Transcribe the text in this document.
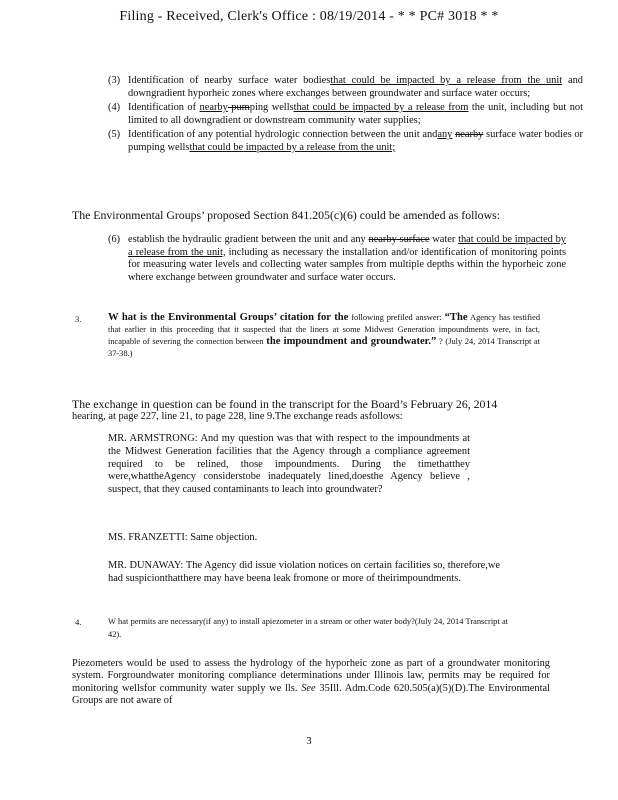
Filing - Received, Clerk's Office : 08/19/2014 - * * PC# 3018 * *
(3) Identification of nearby surface water bodiesthat could be impacted by a release from the unit and downgradient hyporheic zones where exchanges between groundwater and surface water occurs;
(4) Identification of nearby pumping wellsthat could be impacted by a release from the unit, including but not limited to all downgradient or downstream community water supplies;
(5) Identification of any potential hydrologic connection between the unit andany nearby surface water bodies or pumping wellsthat could be impacted by a release from the unit;
The Environmental Groups’ proposed Section 841.205(c)(6) could be amended as follows:
(6) establish the hydraulic gradient between the unit and any nearby surface water that could be impacted by a release from the unit, including as necessary the installation and/or identification of monitoring points for measuring water levels and collecting water samples from multiple depths within the hyporheic zone where exchange between groundwater and surface water occurs.
3.	W hat is the Environmental Groups’ citation for the following prefiled answer: “The Agency has testified that earlier in this proceeding that it suspected that the liners at some Midwest Generation impoundments were, in fact, incapable of severing the connection between the impoundment and groundwater.” ? (July 24, 2014 Transcript at 37-38.)

The exchange in question can be found in the transcript for the Board’s February 26, 2014

hearing, at page 227, line 21, to page 228, line 9.The exchange reads asfollows:

MR. ARMSTRONG: And my question was that with respect to the impoundments at the Midwest Generation facilities that the Agency through a compliance agreement required to be relined, those impoundments. During the timethatthey were,whattheAgency considerstobe inadequately lined,doesthe Agency believe , suspect, that they caused contaminants to leach into groundwater?
MS. FRANZETTI: Same objection.
MR. DUNAWAY: The Agency did issue violation notices on certain facilities so, therefore,we had suspicionthatthere may have beena leak fromone or more of theirimpoundments.
4.	W hat permits are necessary(if any) to install apiezometer in a stream or other water body?(July 24, 2014 Transcript at 42).
Piezometers would be used to assess the hydrology of the hyporheic zone as part of a groundwater monitoring system. Forgroundwater monitoring compliance determinations under Illinois law, permits may be required for monitoring wellsfor community water supply we lls. See 35Ill. Adm.Code 620.505(a)(5)(D).The Environmental Groups are not aware of
3
